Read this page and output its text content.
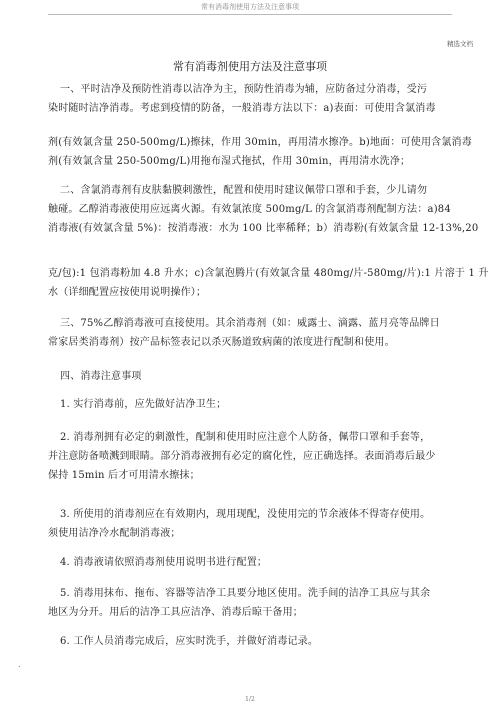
常有消毒剂使用方法及注意事项
精选文档
常有消毒剂使用方法及注意事项
一、平时洁净及预防性消毒以洁净为主，预防性消毒为辅，应防备过分消毒，受污
染时随时洁净消毒。考虑到疫情的防备，一般消毒方法以下：a)表面：可使用含氯消毒
剂(有效氯含量 250-500mg/L)擦抹，作用 30min，再用清水擦净。b)地面：可使用含氯消毒
剂(有效氯含量 250-500mg/L)用拖布湿式拖拭，作用 30min，再用清水洗净；
二、含氯消毒剂有皮肤黏膜刺激性，配置和使用时建议佩带口罩和手套，少儿请勿
触碰。乙醇消毒液使用应远离火源。有效氯浓度 500mg/L 的含氯消毒剂配制方法：a)84
消毒液(有效氯含量 5%)：按消毒液：水为 100 比率稀释；b）消毒粉(有效氯含量 12-13%,20
克/包):1 包消毒粉加 4.8 升水；c)含氯泡腾片(有效氯含量 480mg/片-580mg/片):1 片溶于 1 升
水（详细配置应按使用说明操作）；
三、75%乙醇消毒液可直接使用。其余消毒剂（如：威露士、滴露、蓝月亮等品牌日
常家居类消毒剂）按产品标签表记以杀灭肠道致病菌的浓度进行配制和使用。
四、消毒注意事项
1. 实行消毒前，应先做好洁净卫生；
2. 消毒剂拥有必定的刺激性，配制和使用时应注意个人防备，佩带口罩和手套等，
并注意防备喷溅到眼睛。部分消毒液拥有必定的腐化性，应正确选择。表面消毒后最少
保持 15min 后才可用清水擦抹；
3. 所使用的消毒剂应在有效期内，现用现配，没使用完的节余液体不得寄存使用。
须使用洁净冷水配制消毒液；
4. 消毒液请依照消毒剂使用说明书进行配置；
5. 消毒用抹布、拖布、容器等洁净工具要分地区使用。洗手间的洁净工具应与其余
地区为分开。用后的洁净工具应洁净、消毒后晾干备用；
6. 工作人员消毒完成后，应实时洗手，并做好消毒记录。
.
1/2
